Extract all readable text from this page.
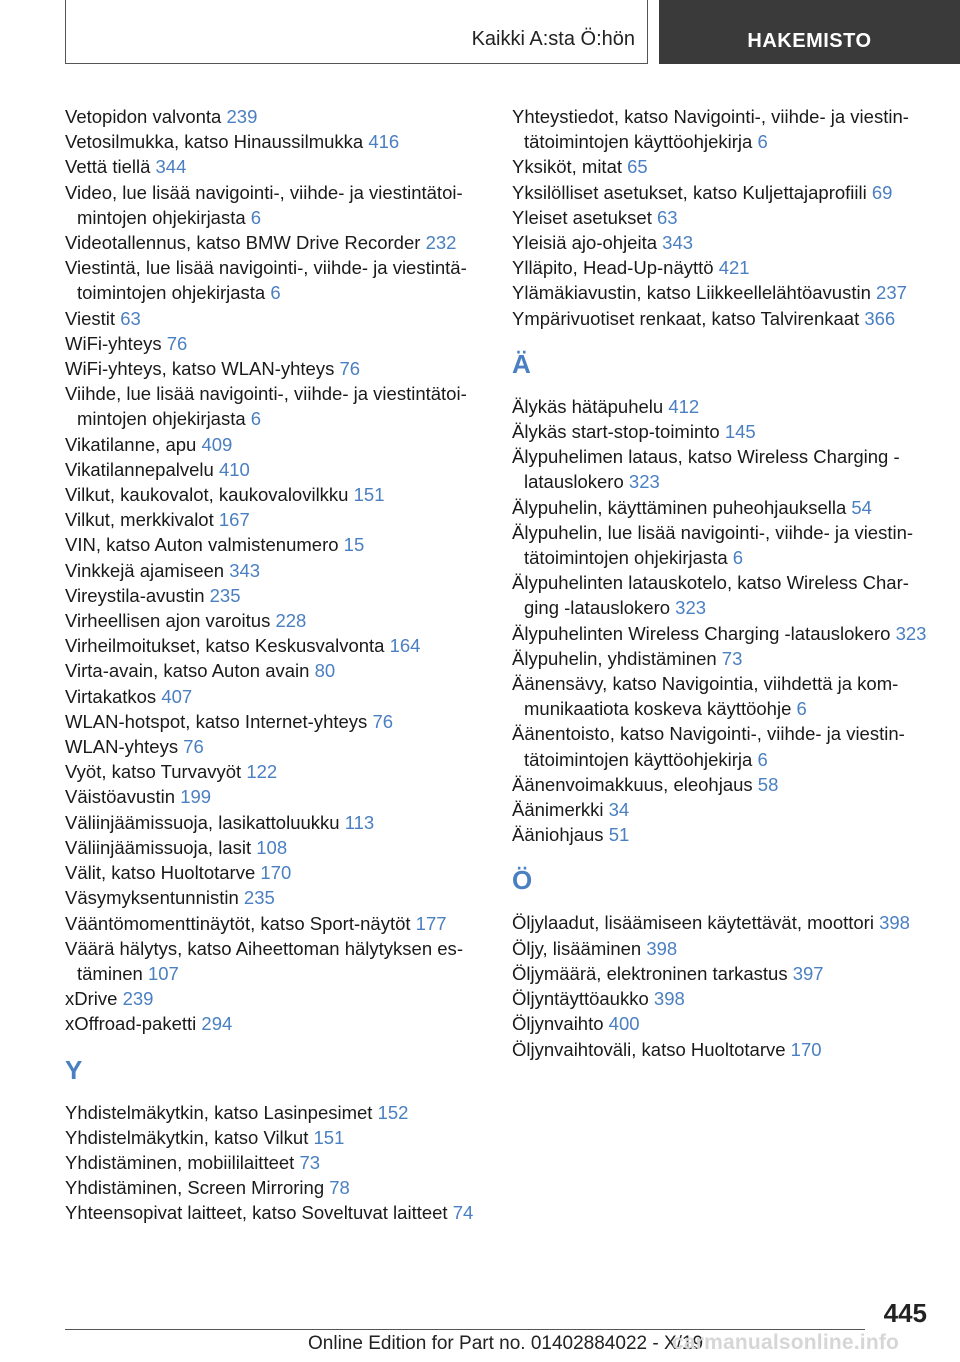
Kaikki A:sta Ö:hön	HAKEMISTO

Vetopidon valvonta 239

Vetosilmukka, katso Hinaussilmukka 416

Vettä tiellä 344

Video, lue lisää navigointi-, viihde- ja viestintätoimintojen ohjekirjasta 6

Videotallennus, katso BMW Drive Recorder 232

Viestintä, lue lisää navigointi-, viihde- ja viestintätoimintojen ohjekirjasta 6

Viestit 63

WiFi-yhteys 76

WiFi-yhteys, katso WLAN-yhteys 76

Viihde, lue lisää navigointi-, viihde- ja viestintätoimintojen ohjekirjasta 6

Vikatilanne, apu 409

Vikatilannepalvelu 410

Vilkut, kaukovalot, kaukovalovilkku 151

Vilkut, merkkivalot 167

VIN, katso Auton valmistenumero 15

Vinkkejä ajamiseen 343

Vireystila-avustin 235

Virheellisen ajon varoitus 228

Virheilmoitukset, katso Keskusvalvonta 164

Virta-avain, katso Auton avain 80

Virtakatkos 407

WLAN-hotspot, katso Internet-yhteys 76

WLAN-yhteys 76

Vyöt, katso Turvavyöt 122

Väistöavustin 199

Väliinjäämissuoja, lasikattoluukku 113

Väliinjäämissuoja, lasit 108

Välit, katso Huoltotarve 170

Väsymyksentunnistin 235

Vääntömomenttinäytöt, katso Sport-näytöt 177

Väärä hälytys, katso Aiheettoman hälytyksen estäminen 107

xDrive 239

xOffroad-paketti 294

Y

Yhdistelmäkytkin, katso Lasinpesimet 152

Yhdistelmäkytkin, katso Vilkut 151

Yhdistäminen, mobiililaitteet 73

Yhdistäminen, Screen Mirroring 78

Yhteensopivat laitteet, katso Soveltuvat laitteet 74

Yhteystiedot, katso Navigointi-, viihde- ja viestintätoimintojen käyttöohjekirja 6

Yksiköt, mitat 65

Yksilölliset asetukset, katso Kuljettajaprofiili 69

Yleiset asetukset 63

Yleisiä ajo-ohjeita 343

Ylläpito, Head-Up-näyttö 421

Ylämäkiavustin, katso Liikkeellelähtöavustin 237

Ympärivuotiset renkaat, katso Talvirenkaat 366

Ä

Älykäs hätäpuhelu 412

Älykäs start-stop-toiminto 145

Älypuhelimen lataus, katso Wireless Charging -latauslokero 323

Älypuhelin, käyttäminen puheohjauksella 54

Älypuhelin, lue lisää navigointi-, viihde- ja viestintätoimintojen ohjekirjasta 6

Älypuhelinten latauskotelo, katso Wireless Charging -latauslokero 323

Älypuhelinten Wireless Charging -latauslokero 323

Älypuhelin, yhdistäminen 73

Äänensävy, katso Navigointia, viihdettä ja kommunikaatiota koskeva käyttöohje 6

Äänentoisto, katso Navigointi-, viihde- ja viestintätoimintojen käyttöohjekirja 6

Äänenvoimakkuus, eleohjaus 58

Äänimerkki 34

Ääniohjaus 51

Ö

Öljylaadut, lisäämiseen käytettävät, moottori 398

Öljy, lisääminen 398

Öljymäärä, elektroninen tarkastus 397

Öljyntäyttöaukko 398

Öljynvaihto 400

Öljynvaihtoväli, katso Huoltotarve 170

445
Online Edition for Part no. 01402884022 - X/19
carmanualsonline.info
